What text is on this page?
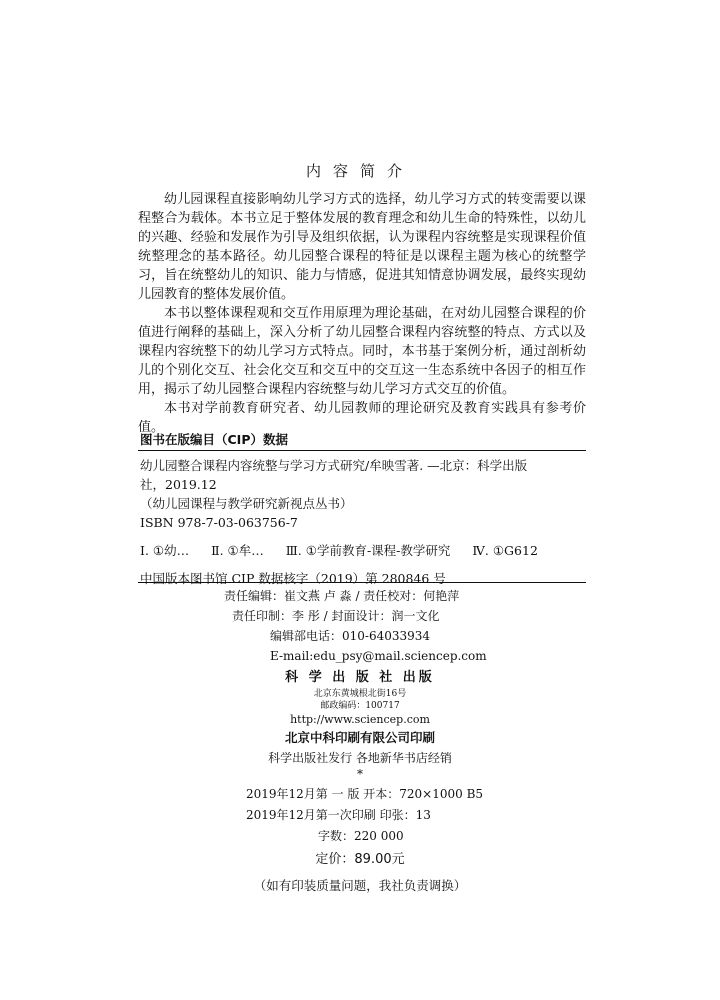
内容简介

幼儿园课程直接影响幼儿学习方式的选择，幼儿学习方式的转变需要以课程整合为载体。本书立足于整体发展的教育理念和幼儿生命的特殊性，以幼儿的兴趣、经验和发展作为引导及组织依据，认为课程内容统整是实现课程价值统整理念的基本路径。幼儿园整合课程的特征是以课程主题为核心的统整学习，旨在统整幼儿的知识、能力与情感，促进其知情意协调发展，最终实现幼儿园教育的整体发展价值。

本书以整体课程观和交互作用原理为理论基础，在对幼儿园整合课程的价值进行阐释的基础上，深入分析了幼儿园整合课程内容统整的特点、方式以及课程内容统整下的幼儿学习方式特点。同时，本书基于案例分析，通过剖析幼儿的个别化交互、社会化交互和交互中的交互这一生态系统中各因子的相互作用，揭示了幼儿园整合课程内容统整与幼儿学习方式交互的价值。

本书对学前教育研究者、幼儿园教师的理论研究及教育实践具有参考价值。

图书在版编目（CIP）数据
幼儿园整合课程内容统整与学习方式研究/牟映雪著. —北京：科学出版
社，2019.12
（幼儿园课程与教学研究新视点丛书）
ISBN 978-7-03-063756-7
Ⅰ. ①幼… Ⅱ. ①牟… Ⅲ. ①学前教育-课程-教学研究 Ⅳ. ①G612
中国版本图书馆 CIP 数据核字（2019）第 280846 号
责任编辑：崔文燕 卢 淼 / 责任校对：何艳萍
责任印制：李 彤 / 封面设计：润一文化
编辑部电话：010-64033934
E-mail:edu_psy@mail.sciencep.com
科 学 出 版 社 出版
北京东黄城根北街16号
邮政编码：100717
http://www.sciencep.com
北京中科印刷有限公司印刷
科学出版社发行 各地新华书店经销
*
2019年12月第 一 版 开本：720×1000 B5
2019年12月第一次印刷 印张：13
字数：220 000
定价：89.00元
（如有印装质量问题，我社负责调换）
